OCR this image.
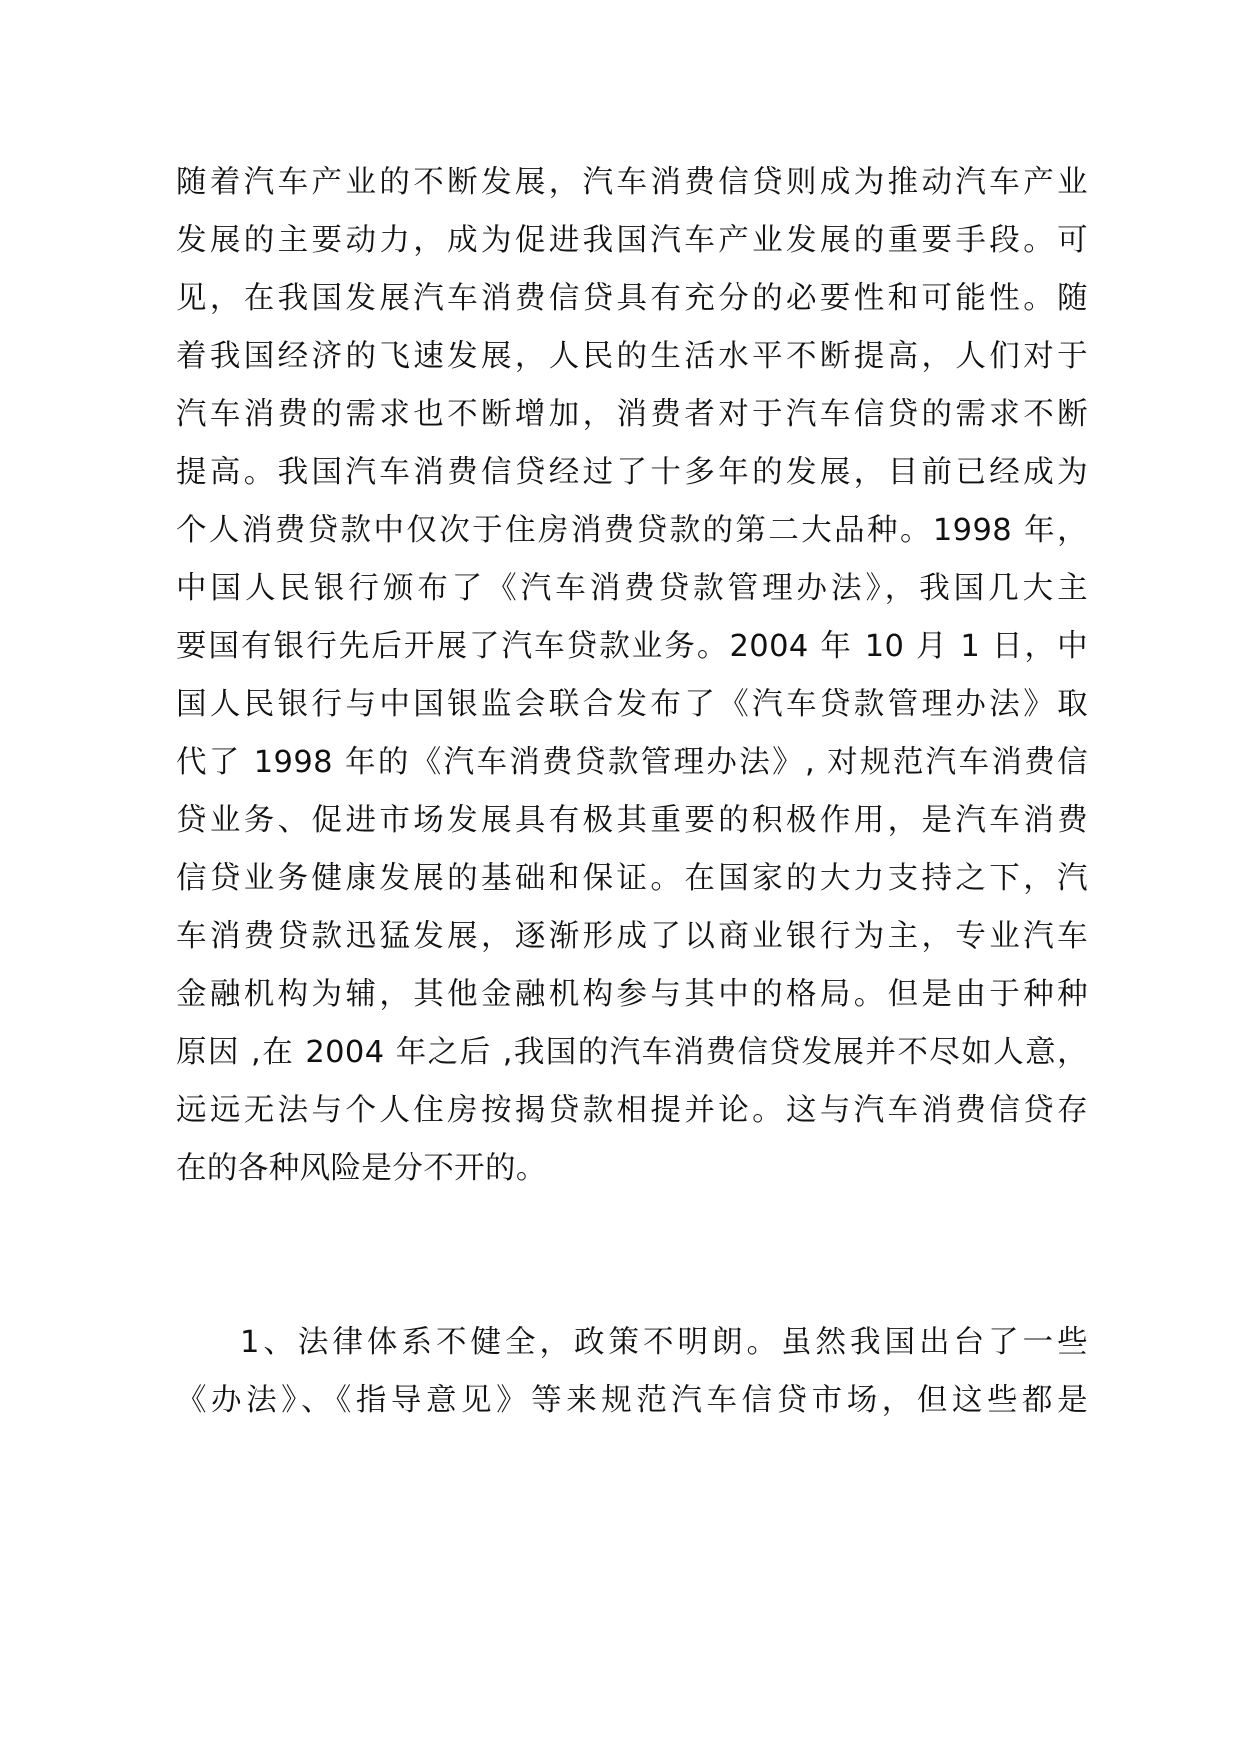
随着汽车产业的不断发展，汽车消费信贷则成为推动汽车产业
发展的主要动力，成为促进我国汽车产业发展的重要手段。可
见，在我国发展汽车消费信贷具有充分的必要性和可能性。随
着我国经济的飞速发展，人民的生活水平不断提高，人们对于
汽车消费的需求也不断增加，消费者对于汽车信贷的需求不断
提高。我国汽车消费信贷经过了十多年的发展，目前已经成为
个人消费贷款中仅次于住房消费贷款的第二大品种。1998 年，
中国人民银行颁布了《汽车消费贷款管理办法》，我国几大主
要国有银行先后开展了汽车贷款业务。2004 年 10 月 1 日，中
国人民银行与中国银监会联合发布了《汽车贷款管理办法》取
代了 1998 年的《汽车消费贷款管理办法》, 对规范汽车消费信
贷业务、促进市场发展具有极其重要的积极作用，是汽车消费
信贷业务健康发展的基础和保证。在国家的大力支持之下，汽
车消费贷款迅猛发展，逐渐形成了以商业银行为主，专业汽车
金融机构为辅，其他金融机构参与其中的格局。但是由于种种
原因 ,在 2004 年之后 ,我国的汽车消费信贷发展并不尽如人意，
远远无法与个人住房按揭贷款相提并论。这与汽车消费信贷存
在的各种风险是分不开的。
1、法律体系不健全，政策不明朗。虽然我国出台了一些
《办法》、《指导意见》等来规范汽车信贷市场，但这些都是
